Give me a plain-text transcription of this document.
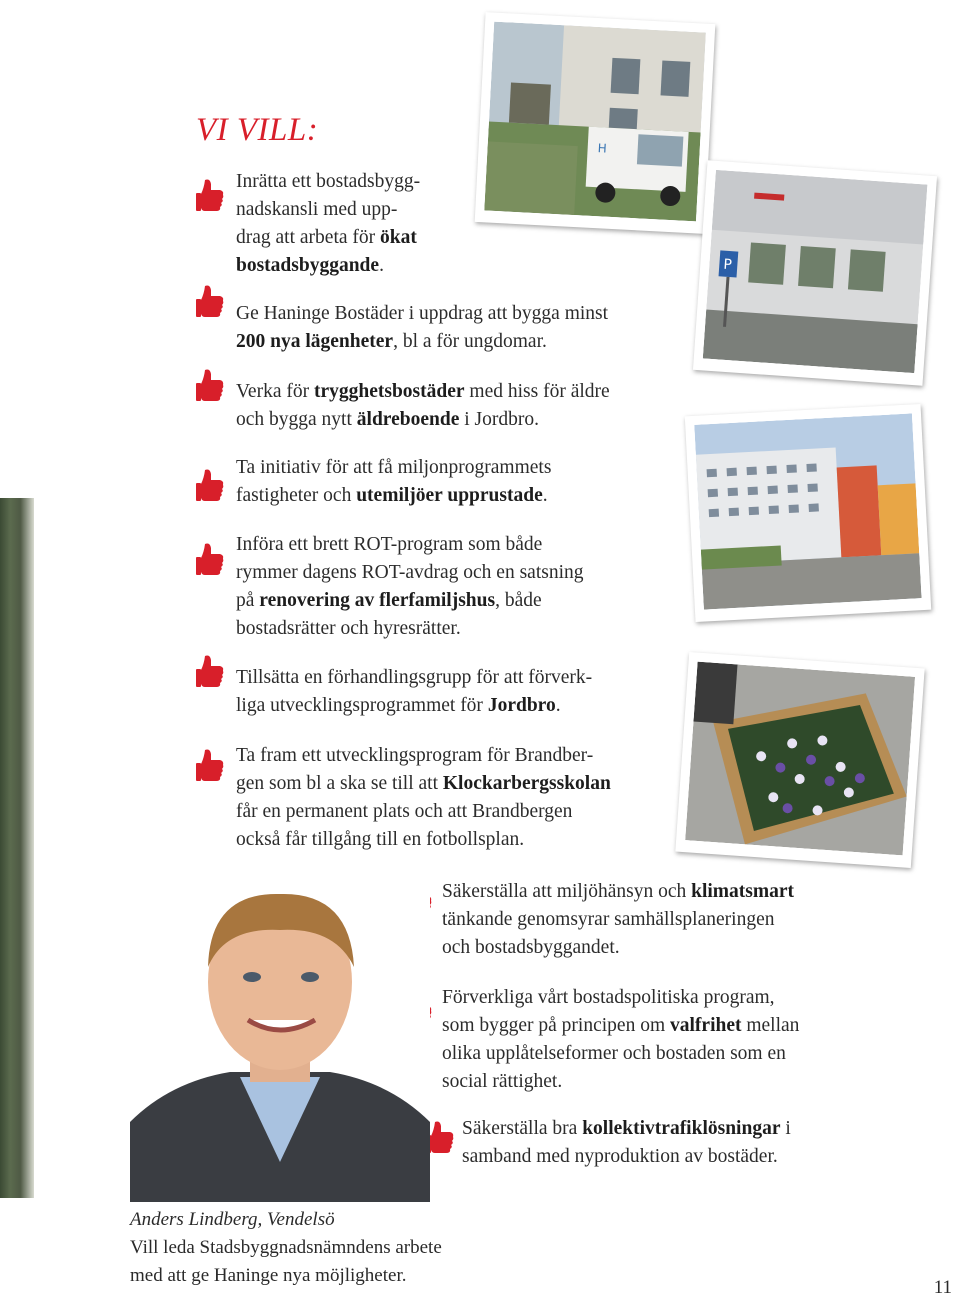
VI VILL:
Inrätta ett bostadsbygg-
nadskansli med upp-
drag att arbeta för ökat
bostadsbyggande.
Ge Haninge Bostäder i uppdrag att bygga minst
200 nya lägenheter, bl a för ungdomar.
Verka för trygghetsbostäder med hiss för äldre
och bygga nytt äldreboende i Jordbro.
Ta initiativ för att få miljonprogrammets
fastigheter och utemiljöer upprustade.
Införa ett brett ROT-program som både
rymmer dagens ROT-avdrag och en satsning
på renovering av flerfamiljshus, både
bostadsrätter och hyresrätter.
Tillsätta en förhandlingsgrupp för att förverk-
liga utvecklingsprogrammet för Jordbro.
Ta fram ett utvecklingsprogram för Brandber-
gen som bl a ska se till att Klockarbergsskolan
får en permanent plats och att Brandbergen
också får tillgång till en fotbollsplan.
Säkerställa att miljöhänsyn och klimatsmart
tänkande genomsyrar samhällsplaneringen
och bostadsbyggandet.
Förverkliga vårt bostadspolitiska program,
som bygger på principen om valfrihet mellan
olika upplåtelseformer och bostaden som en
social rättighet.
Säkerställa bra kollektivtrafiklösningar i
samband med nyproduktion av bostäder.
H
P
Anders Lindberg, Vendelsö
Vill leda Stadsbyggnadsnämndens arbete
med att ge Haninge nya möjligheter.
11
